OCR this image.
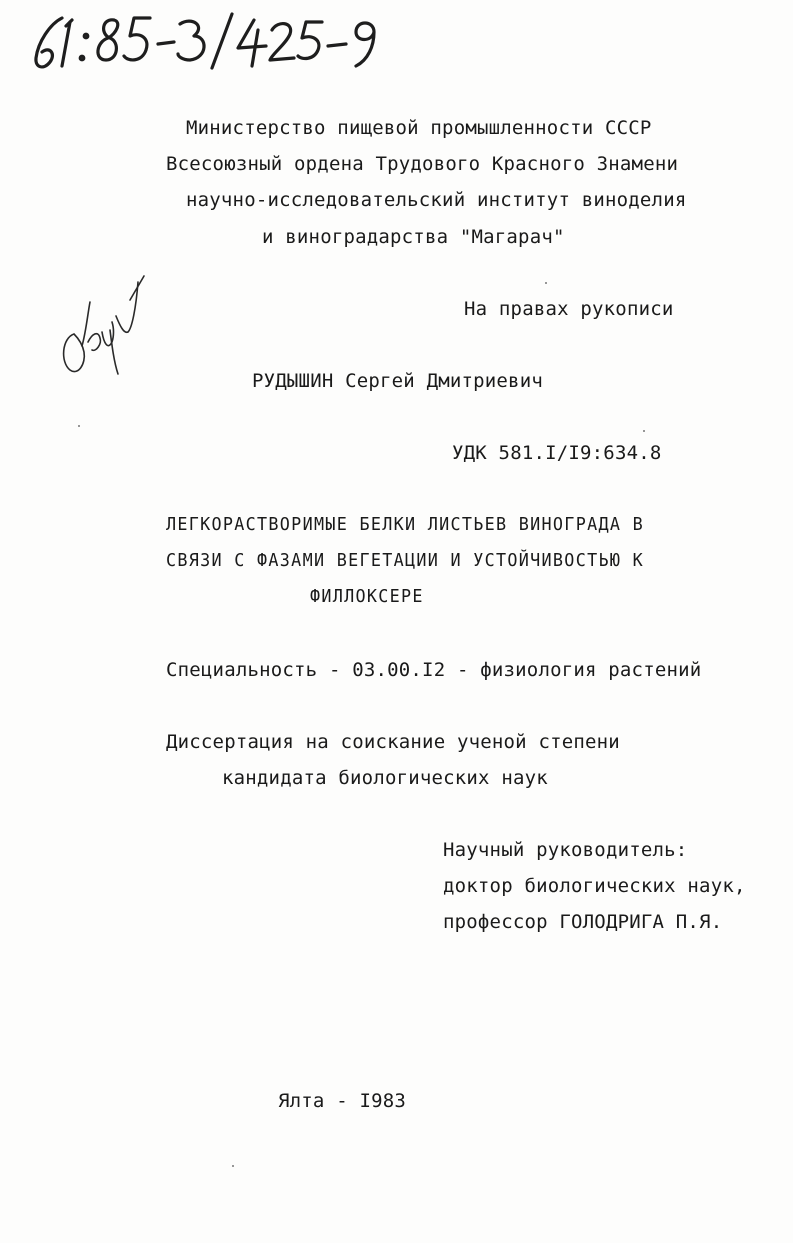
Министерство пищевой промышленности СССР
Всесоюзный ордена Трудового Красного Знамени
научно-исследовательский институт виноделия
и виноградарства "Магарач"
На правах рукописи
РУДЫШИН Сергей Дмитриевич
УДК 581.I/I9:634.8
ЛЕГКОРАСТВОРИМЫЕ БЕЛКИ ЛИСТЬЕВ ВИНОГРАДА В
СВЯЗИ С ФАЗАМИ ВЕГЕТАЦИИ И УСТОЙЧИВОСТЬЮ К
ФИЛЛОКСЕРЕ
Специальность - 03.00.I2 - физиология растений
Диссертация на соискание ученой степени
кандидата биологических наук
Научный руководитель:
доктор биологических наук,
профессор ГОЛОДРИГА П.Я.
Ялта - I983
